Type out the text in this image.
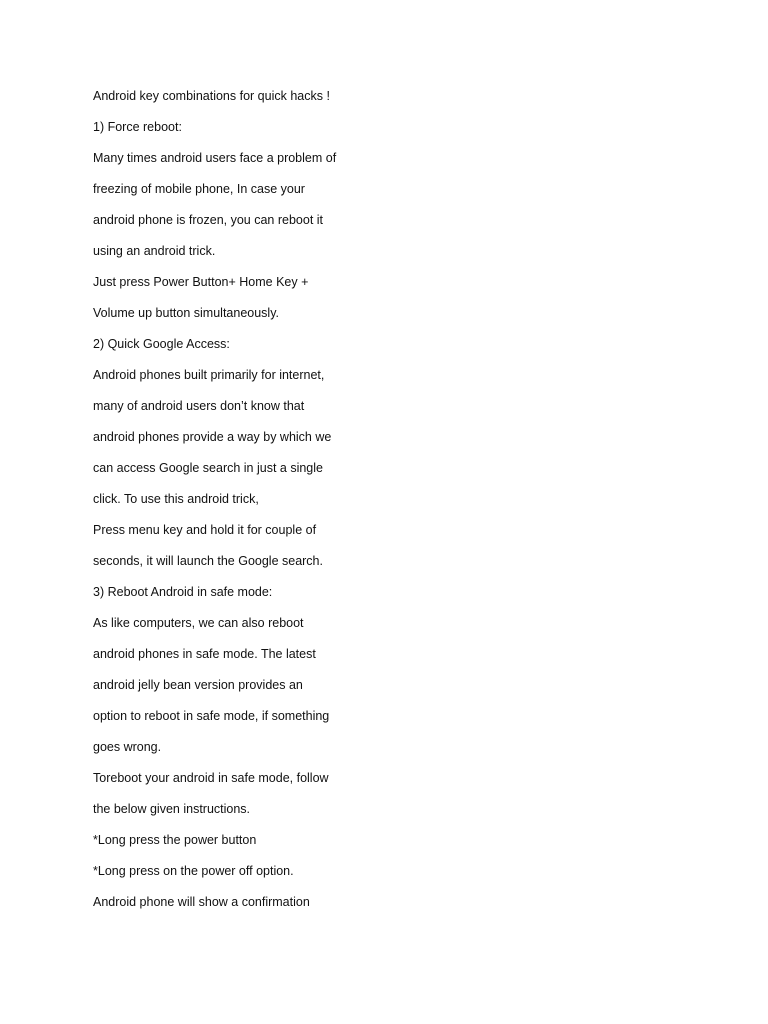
Android key combinations for quick hacks !
1) Force reboot:
Many times android users face a problem of
freezing of mobile phone, In case your
android phone is frozen, you can reboot it
using an android trick.
Just press Power Button+ Home Key +
Volume up button simultaneously.
2) Quick Google Access:
Android phones built primarily for internet,
many of android users don’t know that
android phones provide a way by which we
can access Google search in just a single
click. To use this android trick,
Press menu key and hold it for couple of
seconds, it will launch the Google search.
3) Reboot Android in safe mode:
As like computers, we can also reboot
android phones in safe mode. The latest
android jelly bean version provides an
option to reboot in safe mode, if something
goes wrong.
Toreboot your android in safe mode, follow
the below given instructions.
*Long press the power button
*Long press on the power off option.
Android phone will show a confirmation
